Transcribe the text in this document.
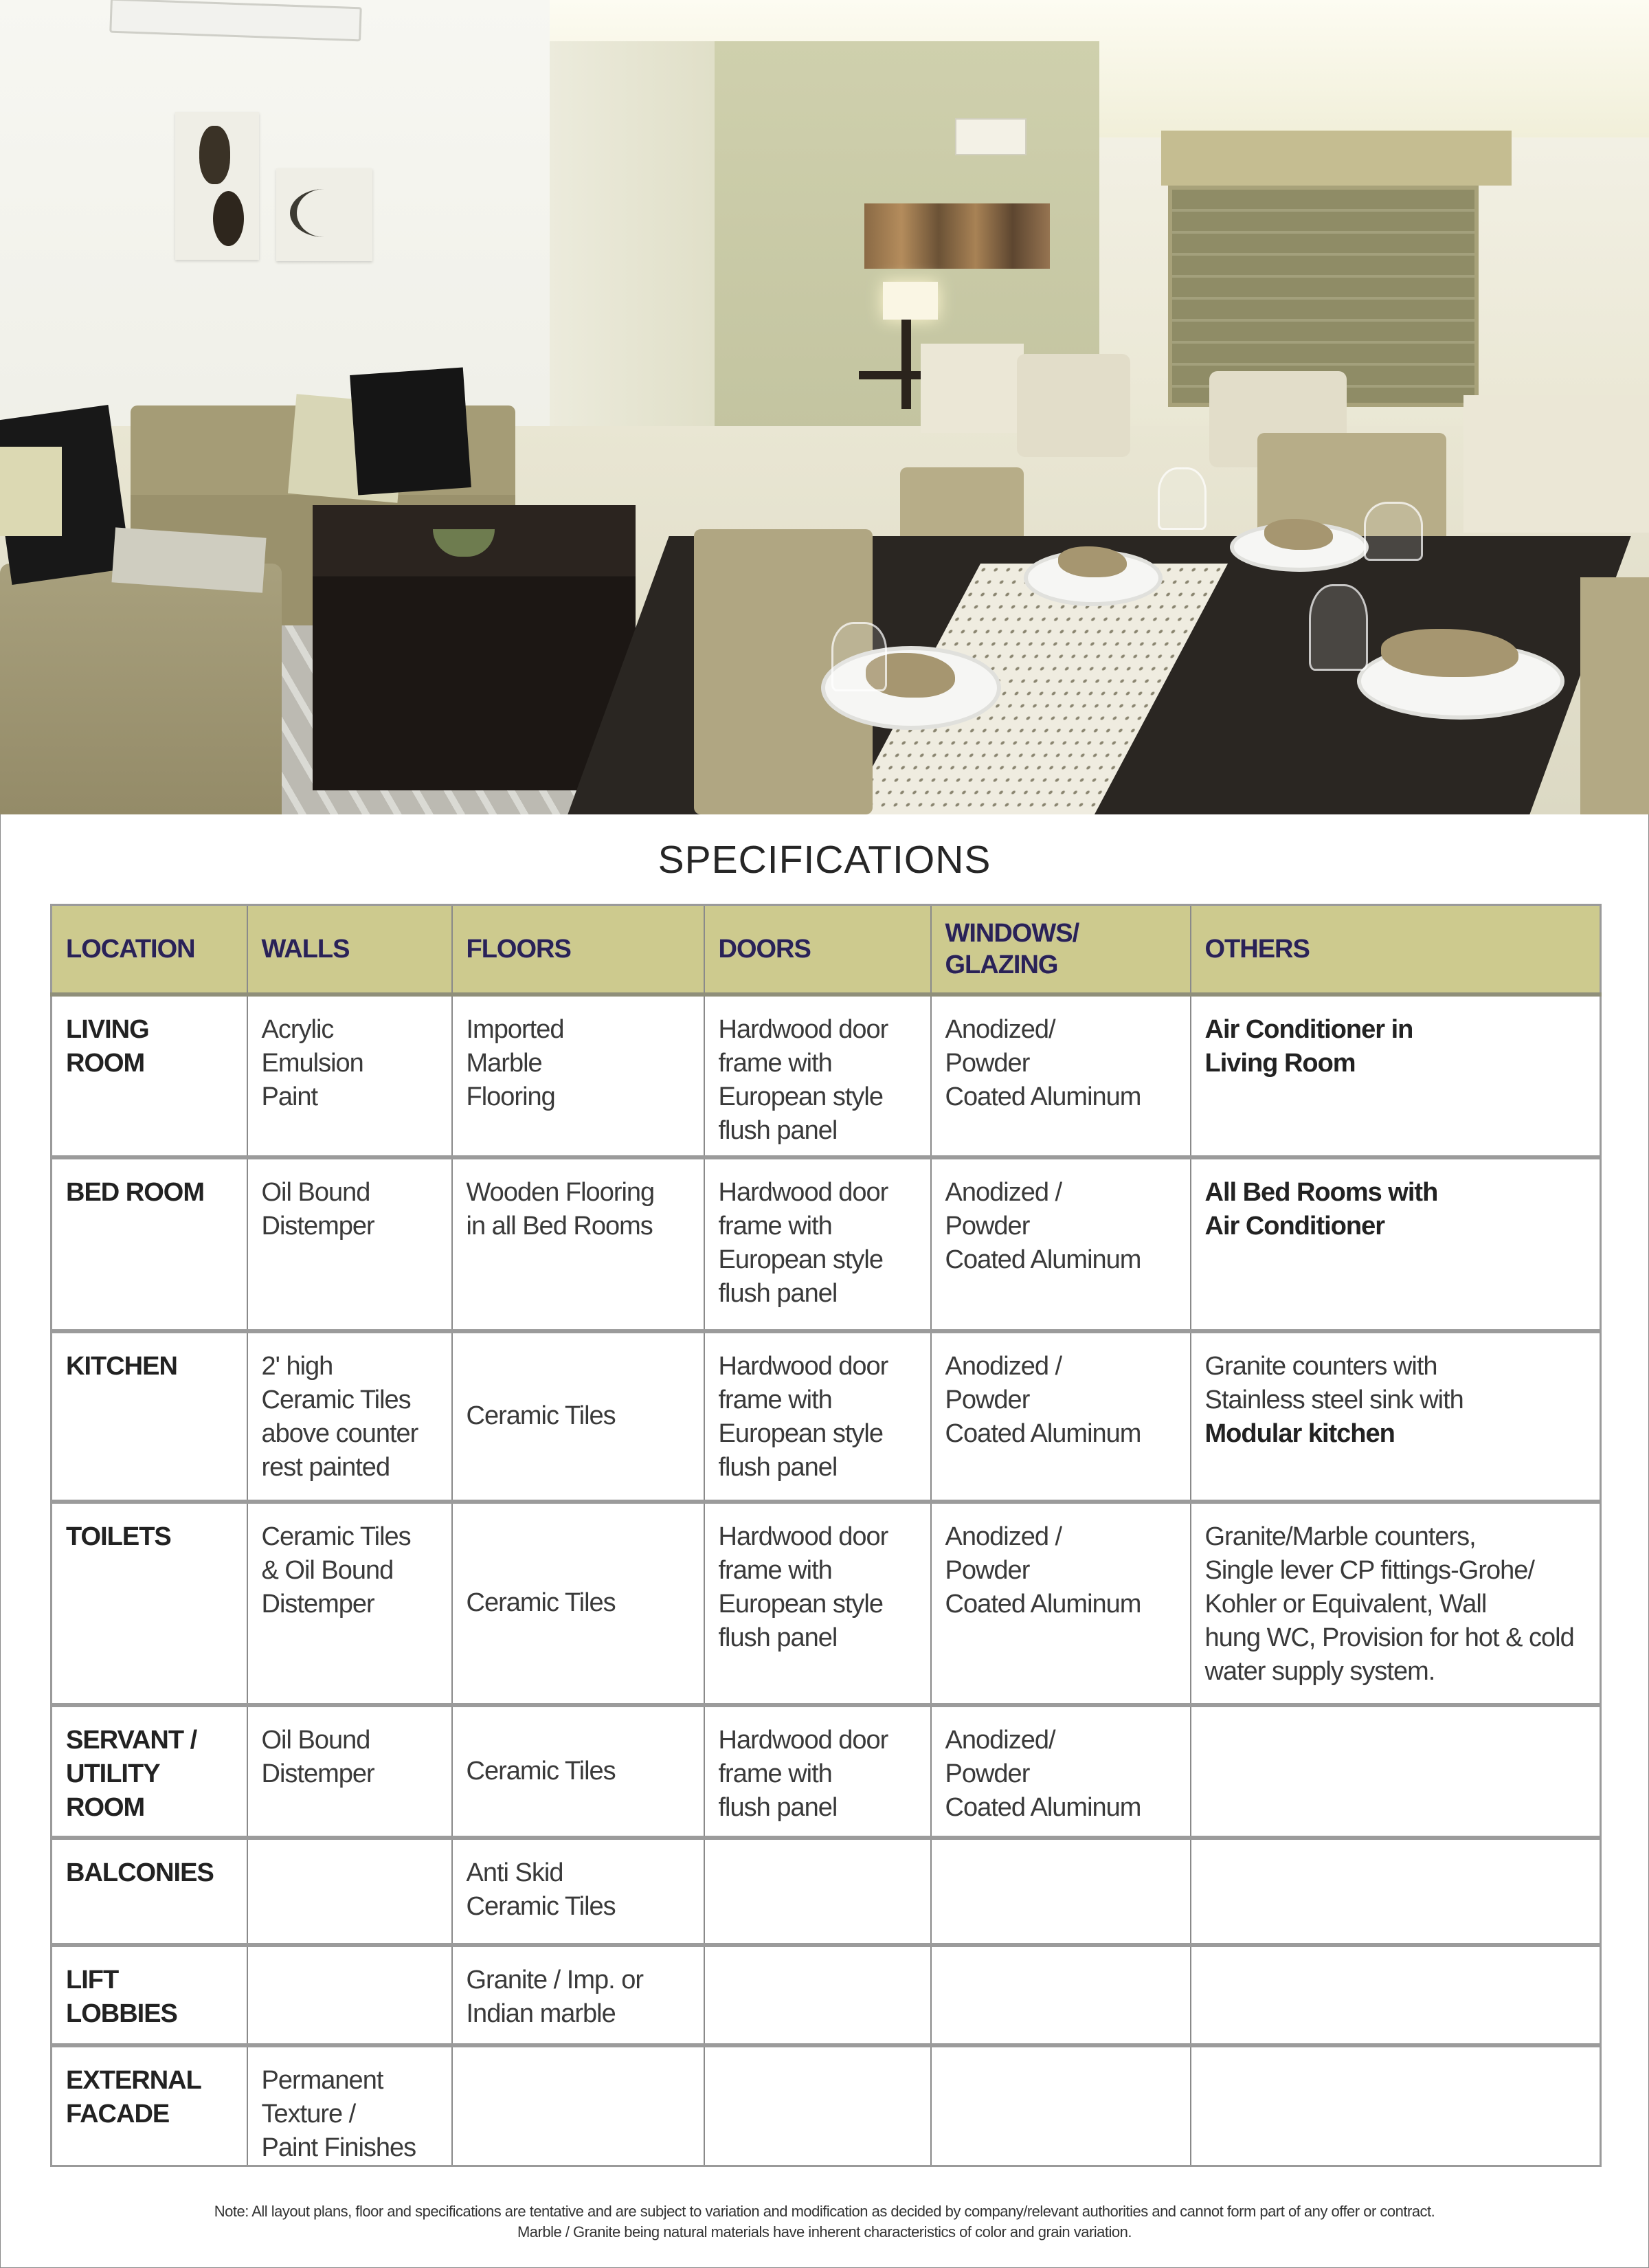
SPECIFICATIONS
LOCATION	WALLS	FLOORS	DOORS	WINDOWS/
GLAZING	OTHERS

LIVING
ROOM	Acrylic
Emulsion
Paint	Imported
Marble
Flooring	Hardwood door
frame with
European style
flush panel	Anodized/
Powder
Coated Aluminum	Air Conditioner in
Living Room

BED ROOM	Oil Bound
Distemper	Wooden Flooring
in all Bed Rooms	Hardwood door
frame with
European style
flush panel	Anodized /
Powder
Coated Aluminum	All Bed Rooms with
Air Conditioner

KITCHEN	2' high
Ceramic Tiles
above counter
rest painted	Ceramic Tiles	Hardwood door
frame with
European style
flush panel	Anodized /
Powder
Coated Aluminum	Granite counters with
Stainless steel sink with
Modular kitchen

TOILETS	Ceramic Tiles
& Oil Bound
Distemper	Ceramic Tiles	Hardwood door
frame with
European style
flush panel	Anodized /
Powder
Coated Aluminum	Granite/Marble counters,
Single lever CP fittings-Grohe/
Kohler or Equivalent, Wall
hung WC, Provision for hot & cold
water supply system.

SERVANT /
UTILITY
ROOM	Oil Bound
Distemper	Ceramic Tiles	Hardwood door
frame with
flush panel	Anodized/
Powder
Coated Aluminum	

BALCONIES		Anti Skid
Ceramic Tiles			

LIFT
LOBBIES		Granite / Imp. or
Indian marble			

EXTERNAL
FACADE	Permanent
Texture /
Paint Finishes				

Note: All layout plans, floor and specifications are tentative and are subject to variation and modification as decided by company/relevant authorities and cannot form part of any offer or contract.
Marble / Granite being natural materials have inherent characteristics of color and grain variation.
